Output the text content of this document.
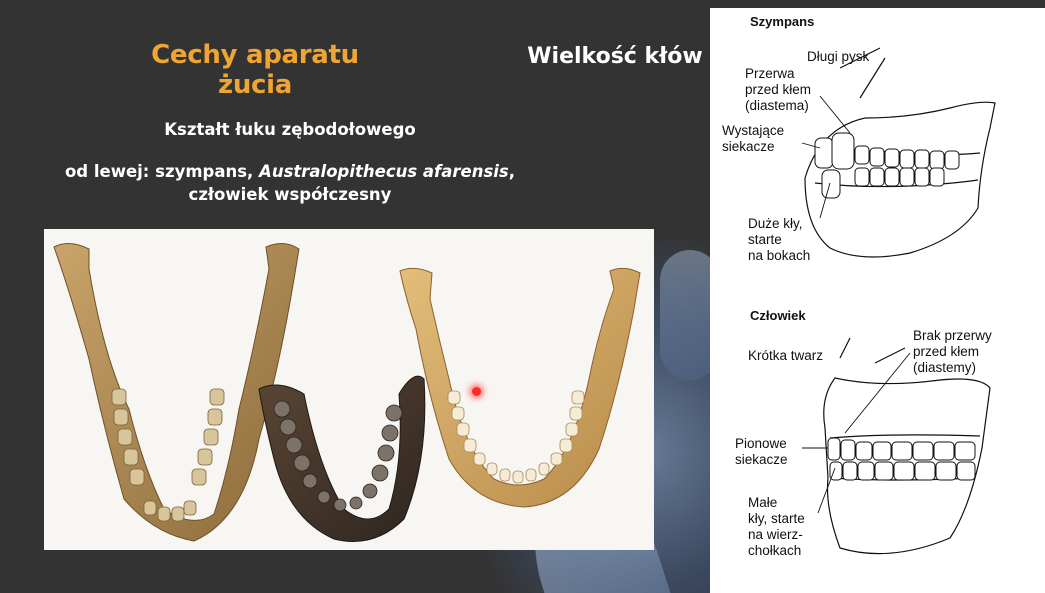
Cechy aparatu żucia
Wielkość kłów
Kształt łuku zębodołowego
od lewej: szympans, Australopithecus afarensis,
człowiek współczesny
Szympans
Długi pysk
Przerwa
przed kłem
(diastema)
Wystające
siekacze
Duże kły,
starte
na bokach
Człowiek
Krótka twarz
Brak przerwy
przed kłem
(diastemy)
Pionowe
siekacze
Małe
kły, starte
na wierz-
chołkach
